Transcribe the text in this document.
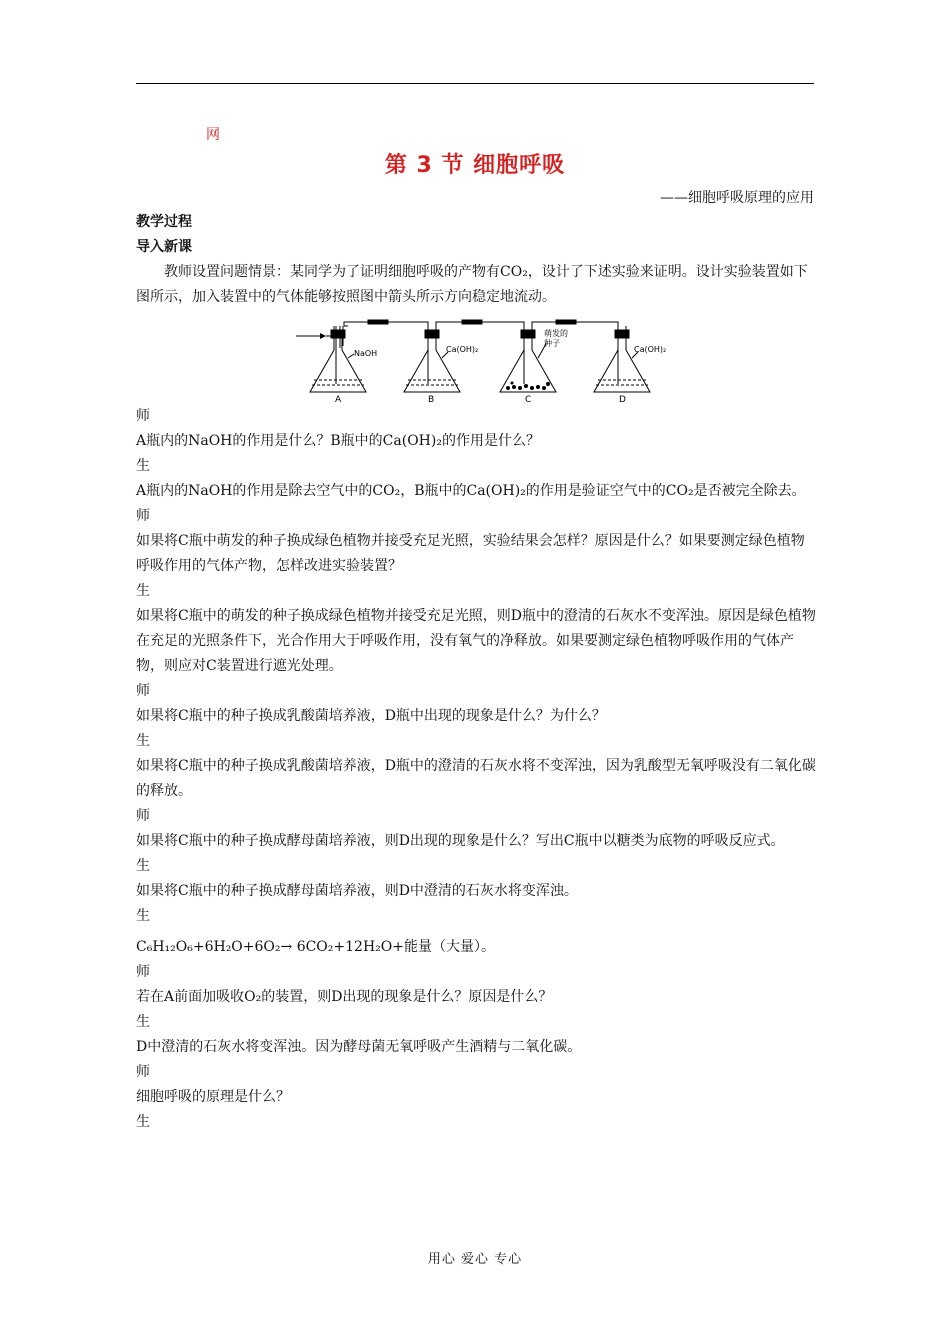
网
第 3 节 细胞呼吸
——细胞呼吸原理的应用
教学过程
导入新课

教师设置问题情景：某同学为了证明细胞呼吸的产物有CO₂，设计了下述实验来证明。设计实验装置如下图所示，加入装置中的气体能够按照图中箭头所示方向稳定地流动。

NaOH
A
Ca(OH)₂
B
萌发的
种子
C
Ca(OH)₂
D
师
A瓶内的NaOH的作用是什么？B瓶中的Ca(OH)₂的作用是什么？
生
A瓶内的NaOH的作用是除去空气中的CO₂，B瓶中的Ca(OH)₂的作用是验证空气中的CO₂是否被完全除去。
师
如果将C瓶中萌发的种子换成绿色植物并接受充足光照，实验结果会怎样？原因是什么？如果要测定绿色植物呼吸作用的气体产物，怎样改进实验装置？
生
如果将C瓶中的萌发的种子换成绿色植物并接受充足光照，则D瓶中的澄清的石灰水不变浑浊。原因是绿色植物在充足的光照条件下，光合作用大于呼吸作用，没有氧气的净释放。如果要测定绿色植物呼吸作用的气体产物，则应对C装置进行遮光处理。
师
如果将C瓶中的种子换成乳酸菌培养液，D瓶中出现的现象是什么？为什么？
生
如果将C瓶中的种子换成乳酸菌培养液，D瓶中的澄清的石灰水将不变浑浊，因为乳酸型无氧呼吸没有二氧化碳的释放。
师
如果将C瓶中的种子换成酵母菌培养液，则D出现的现象是什么？写出C瓶中以糖类为底物的呼吸反应式。
生
如果将C瓶中的种子换成酵母菌培养液，则D中澄清的石灰水将变浑浊。
生
C₆H₁₂O₆+6H₂O+6O₂→ 6CO₂+12H₂O+能量（大量）。
师
若在A前面加吸收O₂的装置，则D出现的现象是什么？原因是什么？
生
D中澄清的石灰水将变浑浊。因为酵母菌无氧呼吸产生酒精与二氧化碳。
师
细胞呼吸的原理是什么？
生
用心 爱心 专心
